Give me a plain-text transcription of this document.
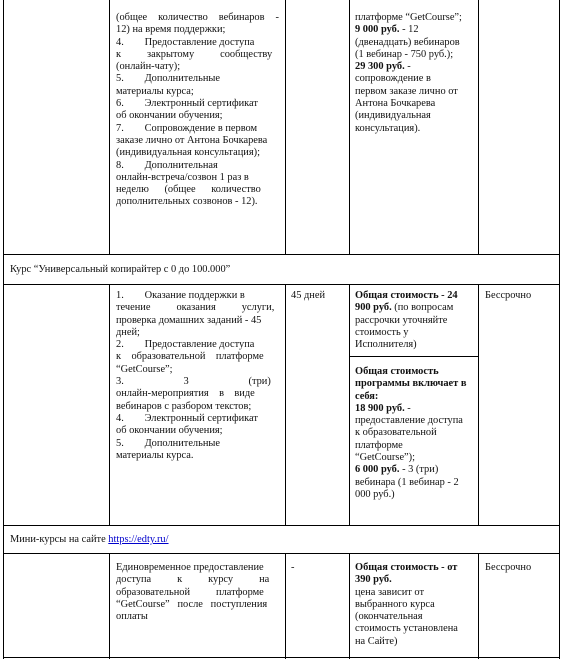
(общее количество вебинаров -
12) на время поддержки;
4.        Предоставление доступа
к          закрытому          сообществу
(онлайн-чату);
5.        Дополнительные
материалы курса;
6.        Электронный сертификат
об окончании обучения;
7.        Сопровождение в первом
заказе лично от Антона Бочкарева
(индивидуальная консультация);
8.        Дополнительная
онлайн-встреча/созвон 1 раз в
неделю      (общее      количество
дополнительных созвонов - 12).
платформе “GetCourse”;
9 000 руб. - 12
(двенадцать) вебинаров
(1 вебинар - 750 руб.);
29 300 руб. -
сопровождение в
первом заказе лично от
Антона Бочкарева
(индивидуальная
консультация).
Курс “Универсальный копирайтер с 0 до 100.000”
1.        Оказание поддержки в
течение          оказания          услуги,
проверка домашних заданий - 45
дней;
2.        Предоставление доступа
к    образовательной    платформе
“GetCourse”;
3.                       3                       (три)
онлайн-мероприятия    в    виде
вебинаров с разбором текстов;
4.        Электронный сертификат
об окончании обучения;
5.        Дополнительные
материалы курса.
45 дней	Общая стоимость - 24
900 руб. (по вопросам
рассрочки уточняйте
стоимость у
Исполнителя)
Общая стоимость
программы включает в
себя:
18 900 руб. -
предоставление доступа
к образовательной
платформе
“GetCourse”);
6 000 руб. - 3 (три)
вебинара (1 вебинар - 2
000 руб.)
Бессрочно
Мини-курсы на сайте https://edty.ru/
Единовременное предоставление
доступа          к          курсу          на
образовательной          платформе
“GetCourse”   после   поступления
оплаты
-	Общая стоимость - от
390 руб.
цена зависит от
выбранного курса
(окончательная
стоимость установлена
на Сайте)
Бессрочно
